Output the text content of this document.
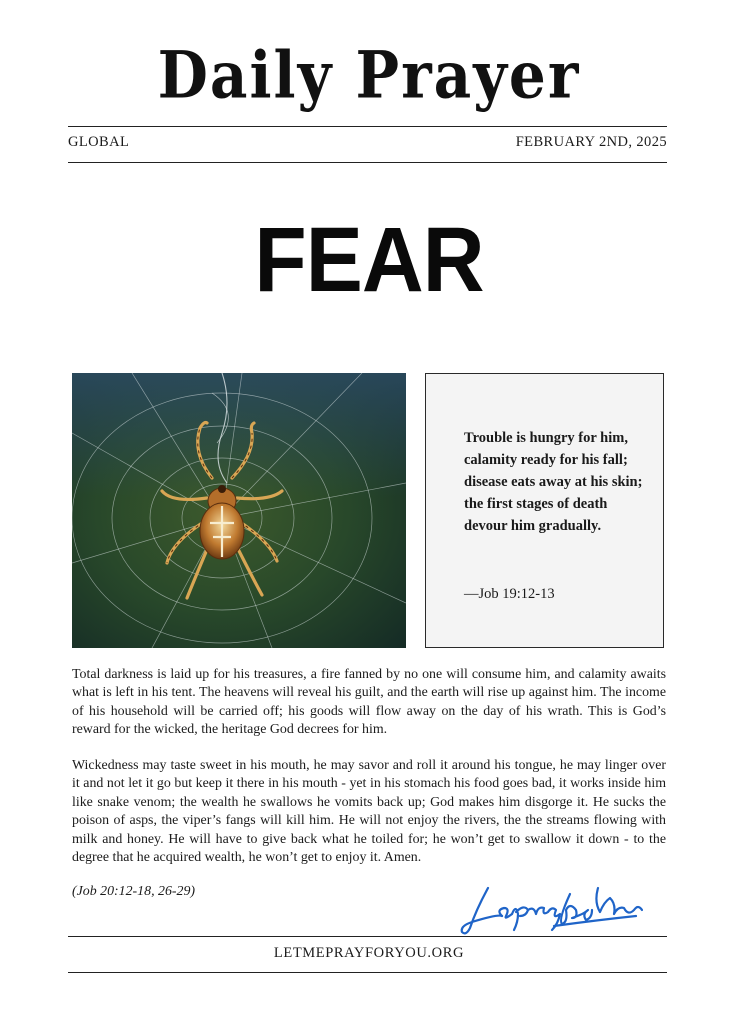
Daily Prayer
GLOBAL	FEBRUARY 2ND, 2025
FEAR
Trouble is hungry for him, calamity ready for his fall; disease eats away at his skin; the first stages of death devour him gradually.
—Job 19:12-13

Total darkness is laid up for his treasures, a fire fanned by no one will consume him, and calamity awaits what is left in his tent. The heavens will reveal his guilt, and the earth will rise up against him. The income of his household will be carried off; his goods will flow away on the day of his wrath. This is God’s reward for the wicked, the heritage God decrees for him.

Wickedness may taste sweet in his mouth, he may savor and roll it around his tongue, he may linger over it and not let it go but keep it there in his mouth - yet in his stomach his food goes bad, it works inside him like snake venom; the wealth he swallows he vomits back up; God makes him disgorge it. He sucks the poison of asps, the viper’s fangs will kill him. He will not enjoy the rivers, the the streams flowing with milk and honey. He will have to give back what he toiled for; he won’t get to swallow it down - to the degree that he acquired wealth, he won’t get to enjoy it. Amen.

(Job 20:12-18, 26-29)
LETMEPRAYFORYOU.ORG
